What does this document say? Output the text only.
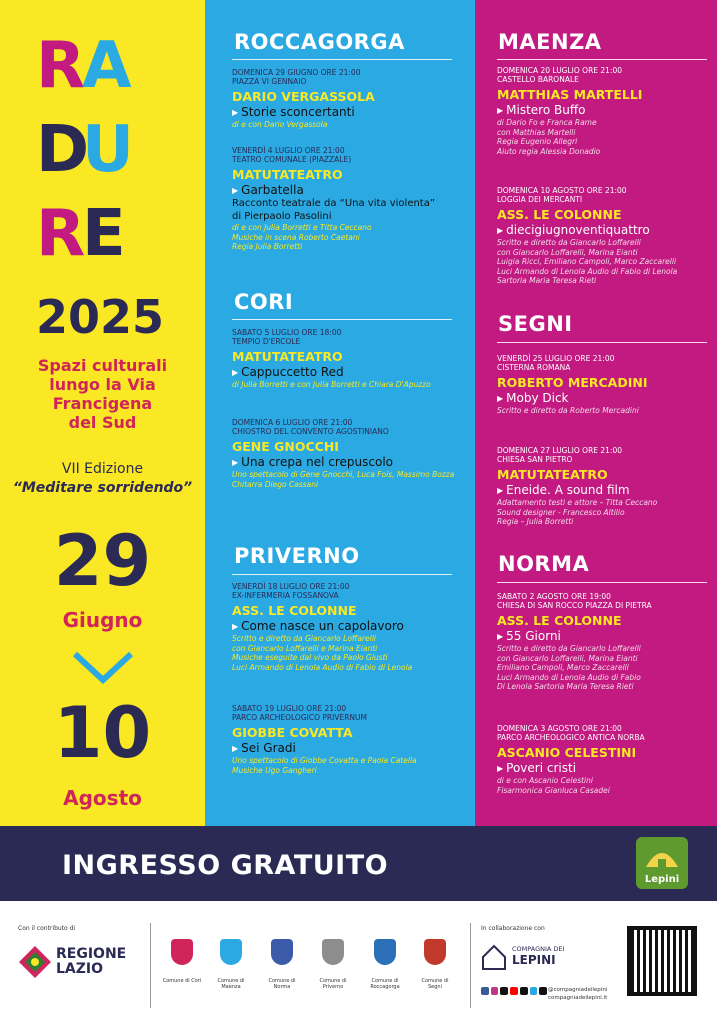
RA
DU
RE
2025
Spazi culturali
lungo la Via
Francigena
del Sud
VII Edizione
“Meditare sorridendo”
29
Giugno
10
Agosto
ROCCAGORGA
DOMENICA 29 GIUGNO ORE 21:00
PIAZZA VI GENNAIO
DARIO VERGASSOLA
▶ Storie sconcertanti
di e con Dario Vergassola
VENERDÌ 4 LUGLIO ORE 21:00
TEATRO COMUNALE (PIAZZALE)
MATUTATEATRO
▶ Garbatella
Racconto teatrale da “Una vita violenta”
di Pierpaolo Pasolini
di e con Julia Borretti e Titta Ceccano
Musiche in scena Roberto Caetani
Regia Julia Borretti
CORI
SABATO 5 LUGLIO ORE 18:00
TEMPIO D'ERCOLE
MATUTATEATRO
▶ Cappuccetto Red
di Julia Borretti e con Julia Borretti e Chiara D'Apuzzo
DOMENICA 6 LUGLIO ORE 21:00
CHIOSTRO DEL CONVENTO AGOSTINIANO
GENE GNOCCHI
▶ Una crepa nel crepuscolo
Uno spettacolo di Gene Gnocchi, Luca Fois, Massimo Bozza
Chitarra Diego Cassani
PRIVERNO
VENERDÌ 18 LUGLIO ORE 21:00
EX-INFERMERIA FOSSANOVA
ASS. LE COLONNE
▶ Come nasce un capolavoro
Scritto e diretto da Giancarlo Loffarelli
con Giancarlo Loffarelli e Marina Eianti
Musiche eseguite dal vivo da Paolo Giusti
Luci Armando di Lenola Audio di Fabio di Lenola
SABATO 19 LUGLIO ORE 21:00
PARCO ARCHEOLOGICO PRIVERNUM
GIOBBE COVATTA
▶ Sei Gradi
Uno spettacolo di Giobbe Covatta e Paola Catella
Musiche Ugo Gangheri
MAENZA
DOMENICA 20 LUGLIO ORE 21:00
CASTELLO BARONALE
MATTHIAS MARTELLI
▶ Mistero Buffo
di Dario Fo e Franca Rame
con Matthias Martelli
Regia Eugenio Allegri
Aiuto regia Alessia Donadio
DOMENICA 10 AGOSTO ORE 21:00
LOGGIA DEI MERCANTI
ASS. LE COLONNE
▶ diecigiugnoventiquattro
Scritto e diretto da Giancarlo Loffarelli
con Giancarlo Loffarelli, Marina Eianti
Luigia Ricci, Emiliano Campoli, Marco Zaccarelli
Luci Armando di Lenola Audio di Fabio di Lenola
Sartoria Maria Teresa Rieti
SEGNI
VENERDÌ 25 LUGLIO ORE 21:00
CISTERNA ROMANA
ROBERTO MERCADINI
▶ Moby Dick
Scritto e diretto da Roberto Mercadini
DOMENICA 27 LUGLIO ORE 21:00
CHIESA SAN PIETRO
MATUTATEATRO
▶ Eneide. A sound film
Adattamento testi e attore – Titta Ceccano
Sound designer - Francesco Altilio
Regia – Julia Borretti
NORMA
SABATO 2 AGOSTO ORE 19:00
CHIESA DI SAN ROCCO PIAZZA DI PIETRA
ASS. LE COLONNE
▶ 55 Giorni
Scritto e diretto da Giancarlo Loffarelli
con Giancarlo Loffarelli, Marina Eianti
Emiliano Campoli, Marco Zaccarelli
Luci Armando di Lenola Audio di Fabio
Di Lenola Sartoria Maria Teresa Rieti
DOMENICA 3 AGOSTO ORE 21:00
PARCO ARCHEOLOGICO ANTICA NORBA
ASCANIO CELESTINI
▶ Poveri cristi
di e con Ascanio Celestini
Fisarmonica Gianluca Casadei
INGRESSO GRATUITO	Lepini
Con il contributo di
Comune di Cori	Comune di Maenza
Comune di Norma
Comune di Priverno
Comune di Roccagorga
Comune di Segni
In collaborazione con
COMPAGNIA DEI
LEPINI
@compagniadeilepini
compagniadeilepini.it
REGIONE
LAZIO
